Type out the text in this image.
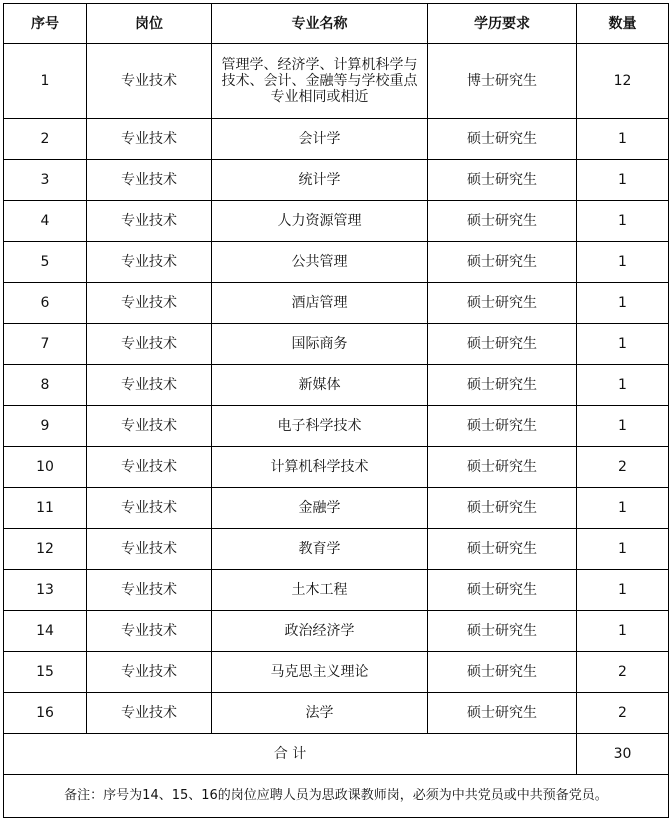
序号	岗位	专业名称	学历要求	数量
1	专业技术	管理学、经济学、计算机科学与技术、会计、金融等与学校重点专业相同或相近	博士研究生	12
2	专业技术	会计学	硕士研究生	1
3	专业技术	统计学	硕士研究生	1
4	专业技术	人力资源管理	硕士研究生	1
5	专业技术	公共管理	硕士研究生	1
6	专业技术	酒店管理	硕士研究生	1
7	专业技术	国际商务	硕士研究生	1
8	专业技术	新媒体	硕士研究生	1
9	专业技术	电子科学技术	硕士研究生	1
10	专业技术	计算机科学技术	硕士研究生	2
11	专业技术	金融学	硕士研究生	1
12	专业技术	教育学	硕士研究生	1
13	专业技术	土木工程	硕士研究生	1
14	专业技术	政治经济学	硕士研究生	1
15	专业技术	马克思主义理论	硕士研究生	2
16	专业技术	法学	硕士研究生	2
合 计				30
备注：序号为14、15、16的岗位应聘人员为思政课教师岗，必须为中共党员或中共预备党员。				
